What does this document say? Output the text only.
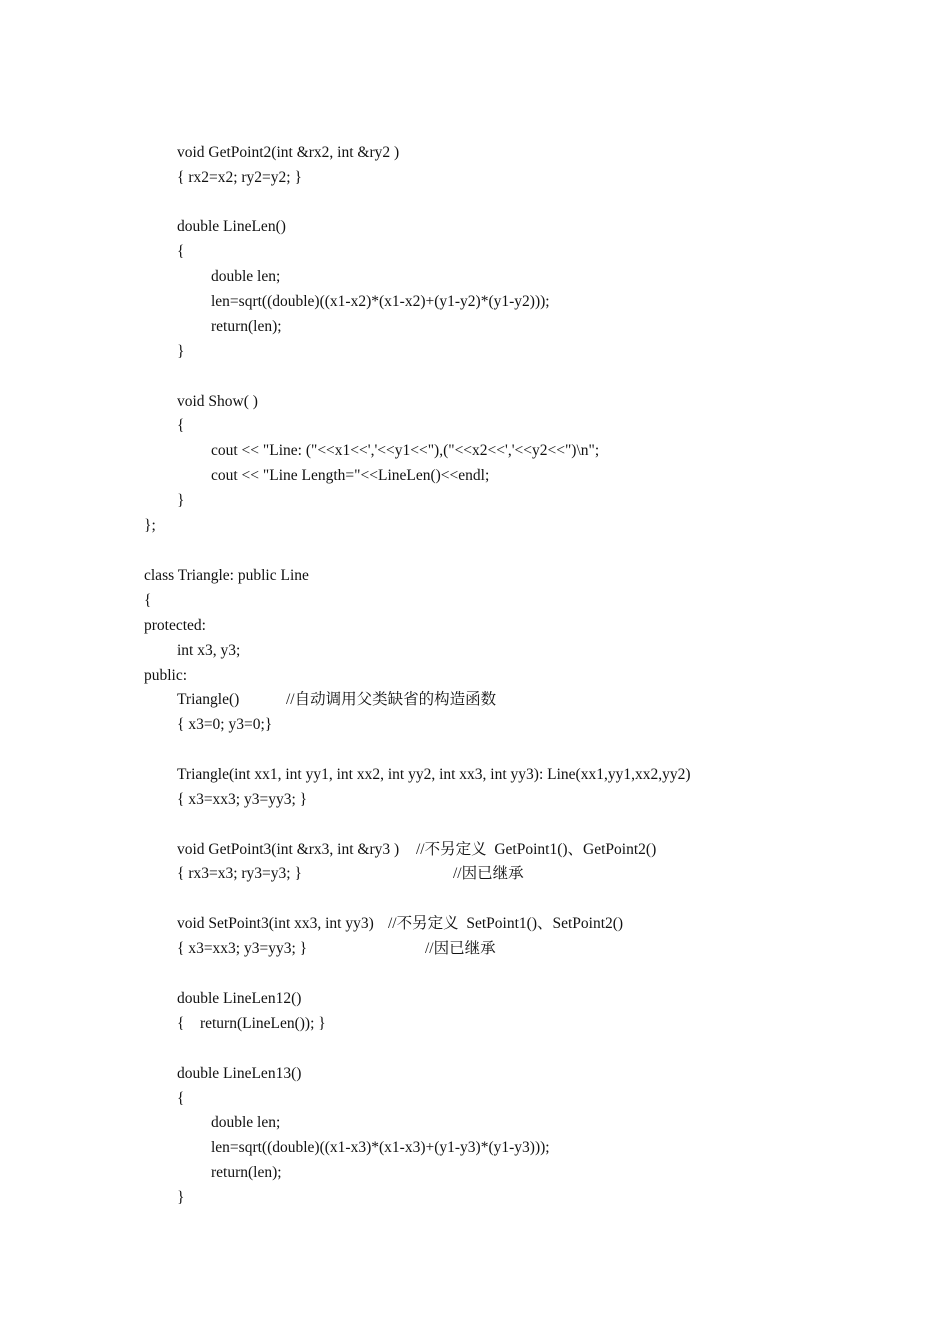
void GetPoint2(int &rx2, int &ry2 )
{ rx2=x2; ry2=y2; }
double LineLen()
{
double len;
len=sqrt((double)((x1-x2)*(x1-x2)+(y1-y2)*(y1-y2)));
return(len);
}
void Show( )
{
cout << "Line: ("<<x1<<','<<y1<<"),("<<x2<<','<<y2<<")\n";
cout << "Line Length="<<LineLen()<<endl;
}
};
class Triangle: public Line
{
protected:
int x3, y3;
public:
Triangle()	//自动调用父类缺省的构造函数
{ x3=0; y3=0;}
Triangle(int xx1, int yy1, int xx2, int yy2, int xx3, int yy3): Line(xx1,yy1,xx2,yy2)
{ x3=xx3; y3=yy3; }
void GetPoint3(int &rx3, int &ry3 ) //不另定义  GetPoint1()、GetPoint2()
{ rx3=x3; ry3=y3; }	//因已继承
void SetPoint3(int xx3, int yy3) //不另定义  SetPoint1()、SetPoint2()
{ x3=xx3; y3=yy3; }	//因已继承
double LineLen12()
{    return(LineLen()); }
double LineLen13()
{
double len;
len=sqrt((double)((x1-x3)*(x1-x3)+(y1-y3)*(y1-y3)));
return(len);
}
